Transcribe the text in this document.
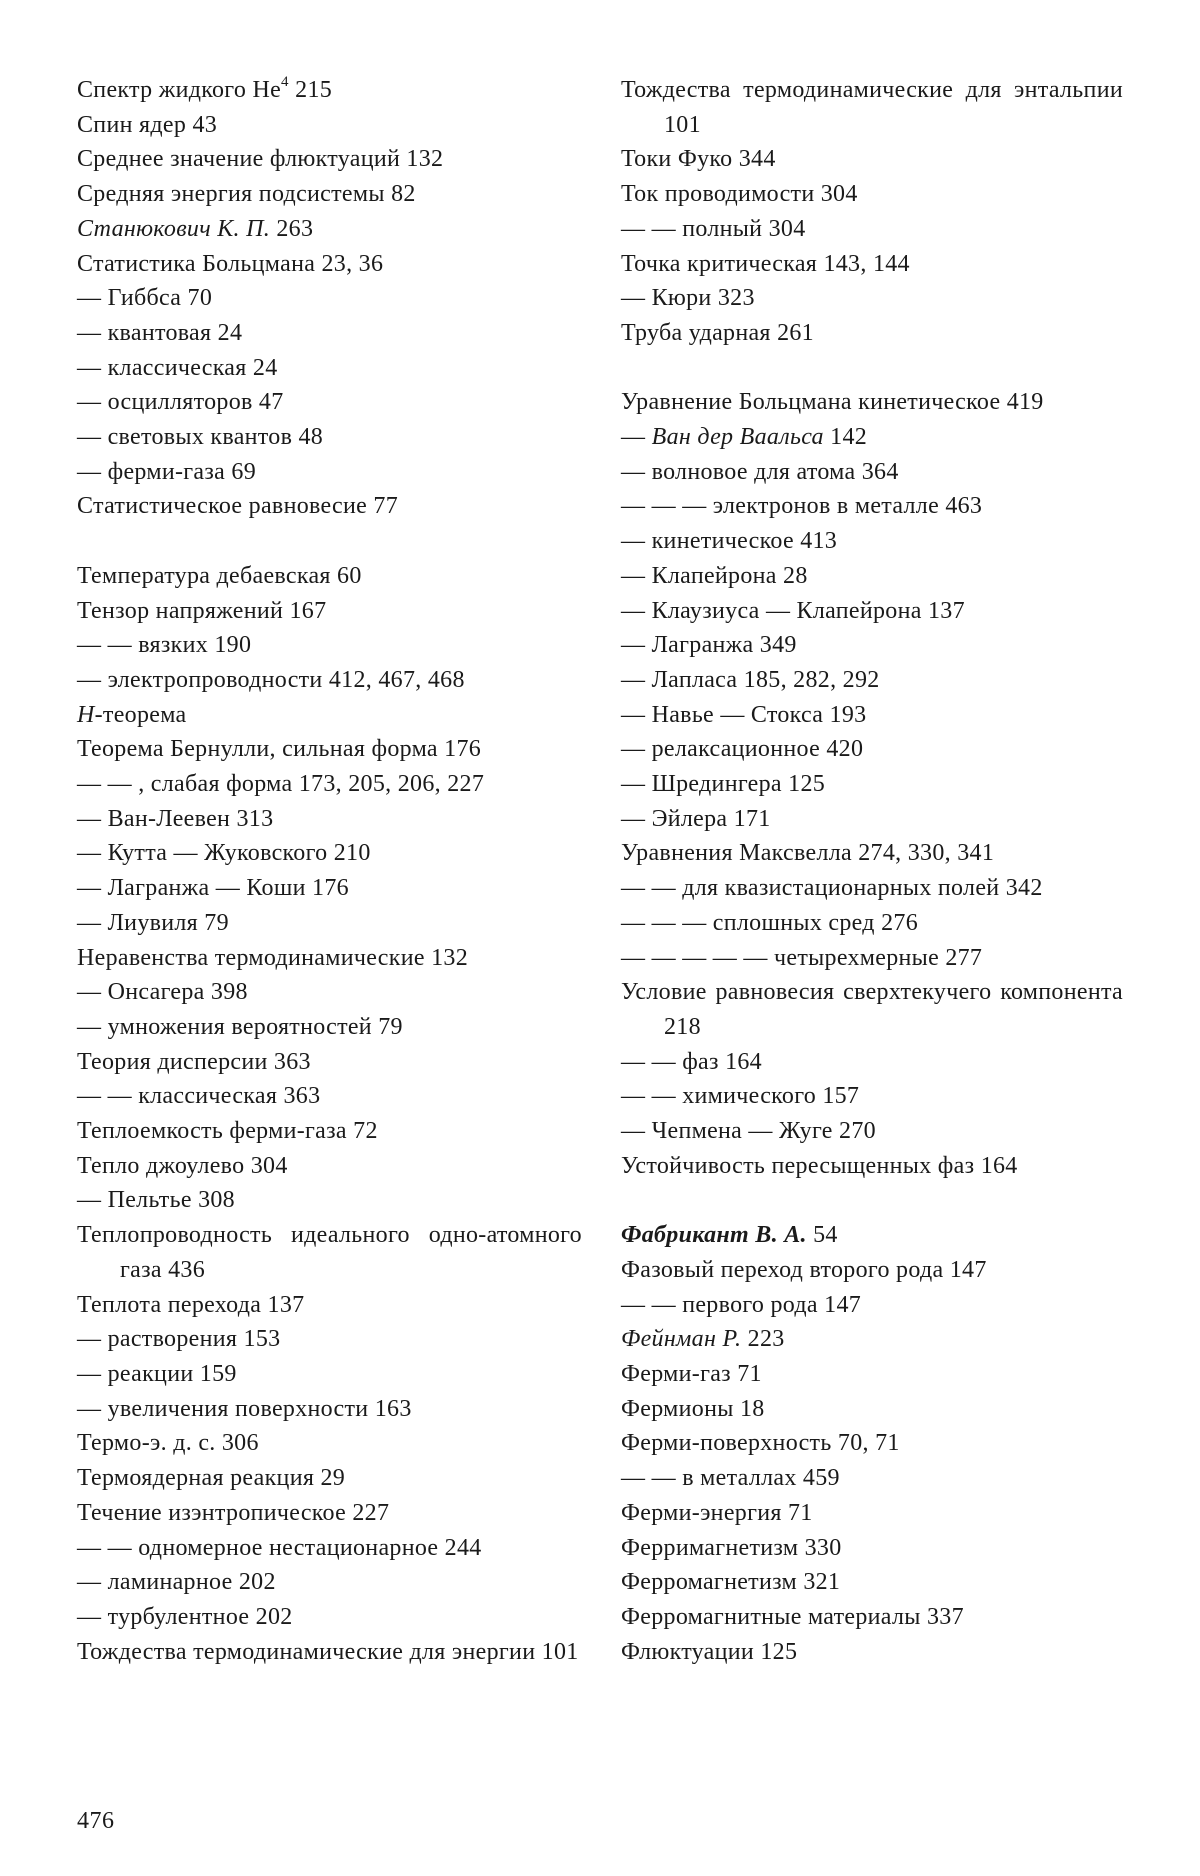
Спектр жидкого He$^4$ 215
Спин ядер 43
Среднее значение флюктуаций 132
Средняя энергия подсистемы 82
Станюкович К. П. 263
Статистика Больцмана 23, 36
— Гиббса 70
— квантовая 24
— классическая 24
— осцилляторов 47
— световых квантов 48
— ферми-газа 69
Статистическое равновесие 77
Температура дебаевская 60
Тензор напряжений 167
— — вязких 190
— электропроводности 412, 467, 468
H-теорема
Теорема Бернулли, сильная форма 176
— — , слабая форма 173, 205, 206, 227
— Ван-Леевен 313
— Кутта — Жуковского 210
— Лагранжа — Коши 176
— Лиувиля 79
Неравенства термодинамические 132
— Онсагера 398
— умножения вероятностей 79
Теория дисперсии 363
— — классическая 363
Теплоемкость ферми-газа 72
Тепло джоулево 304
— Пельтье 308
Теплопроводность идеального одно-атомного газа 436
Теплота перехода 137
— растворения 153
— реакции 159
— увеличения поверхности 163
Термо-э. д. с. 306
Термоядерная реакция 29
Течение изэнтропическое 227
— — одномерное нестационарное 244
— ламинарное 202
— турбулентное 202
Тождества термодинамические для энергии 101
Тождества термодинамические для энтальпии 101
Токи Фуко 344
Ток проводимости 304
— — полный 304
Точка критическая 143, 144
— Кюри 323
Труба ударная 261
Уравнение Больцмана кинетическое 419
— Ван дер Ваальса 142
— волновое для атома 364
— — — электронов в металле 463
— кинетическое 413
— Клапейрона 28
— Клаузиуса — Клапейрона 137
— Лагранжа 349
— Лапласа 185, 282, 292
— Навье — Стокса 193
— релаксационное 420
— Шредингера 125
— Эйлера 171
Уравнения Максвелла 274, 330, 341
— — для квазистационарных полей 342
— — — сплошных сред 276
— — — — — четырехмерные 277
Условие равновесия сверхтекучего компонента 218
— — фаз 164
— — химического 157
— Чепмена — Жуге 270
Устойчивость пересыщенных фаз 164
Фабрикант В. А. 54
Фазовый переход второго рода 147
— — первого рода 147
Фейнман Р. 223
Ферми-газ 71
Фермионы 18
Ферми-поверхность 70, 71
— — в металлах 459
Ферми-энергия 71
Ферримагнетизм 330
Ферромагнетизм 321
Ферромагнитные материалы 337
Флюктуации 125
476
